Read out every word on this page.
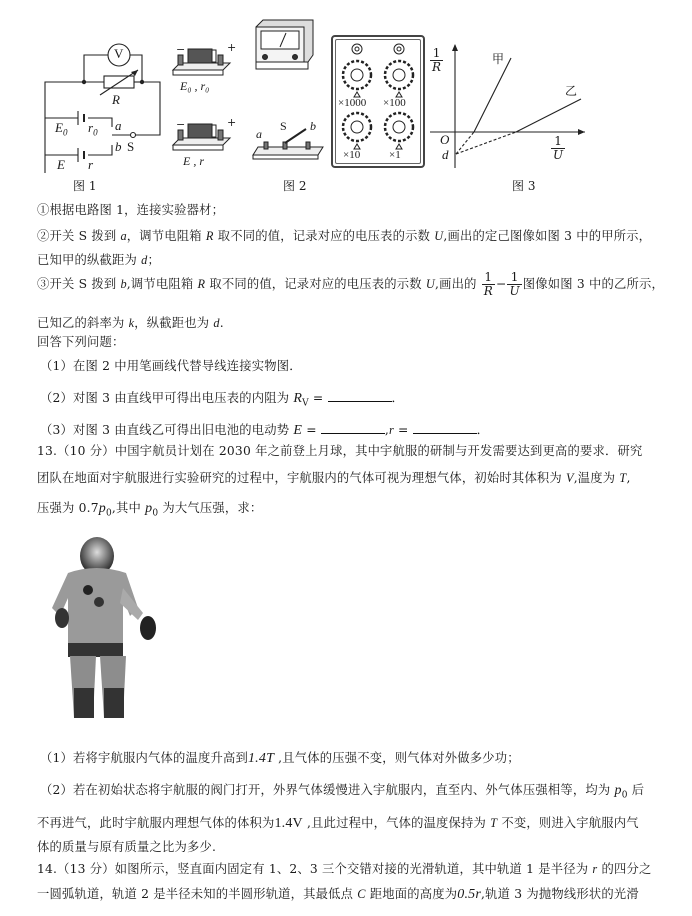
V
R
$E_0$ $r_0$ a
b S
E r
图 1
−	+
E₀ , r₀
−	+
E , r
a
S b
×1000 ×100
×10	×1
图 2
$\frac{1}{R}$
$\frac{1}{U}$
O
d
甲
乙
图 3
①根据电路图 1，连接实验器材；
②开关 S 拨到 a，调节电阻箱 R 取不同的值，记录对应的电压表的示数 U,画出的定己图像如图 3 中的甲所示，
已知甲的纵截距为 d；
③开关 S 拨到 b,调节电阻箱 R 取不同的值，记录对应的电压表的示数 U,画出的 $\frac{1}{R} - \frac{1}{U}$ 图像如图 3 中的乙所示，
已知乙的斜率为 k，纵截距也为 d.
回答下列问题：
（1）在图 2 中用笔画线代替导线连接实物图．
（2）对图 3 由直线甲可得出电压表的内阻为 $R_V$ =	．
（3）对图 3 由直线乙可得出旧电池的电动势 E =	,r =	．
13.（10 分）中国宇航员计划在 2030 年之前登上月球，其中宇航服的研制与开发需要达到更高的要求．研究
团队在地面对宇航服进行实验研究的过程中，宇航服内的气体可视为理想气体，初始时其体积为 V,温度为 T,
压强为 $0.7p_0$,其中 $p_0$ 为大气压强，求：
（1）若将宇航服内气体的温度升高到1.4T ,且气体的压强不变，则气体对外做多少功；
（2）若在初始状态将宇航服的阀门打开，外界气体缓慢进入宇航服内，直至内、外气体压强相等，均为 $p_0$ 后
不再进气，此时宇航服内理想气体的体积为1.4V ,且此过程中，气体的温度保持为 T 不变，则进入宇航服内气
体的质量与原有质量之比为多少.
14.（13 分）如图所示，竖直面内固定有 1、2、3 三个交错对接的光滑轨道，其中轨道 1 是半径为 r 的四分之
一圆弧轨道，轨道 2 是半径未知的半圆形轨道，其最低点 C 距地面的高度为0.5r,轨道 3 为抛物线形状的光滑
